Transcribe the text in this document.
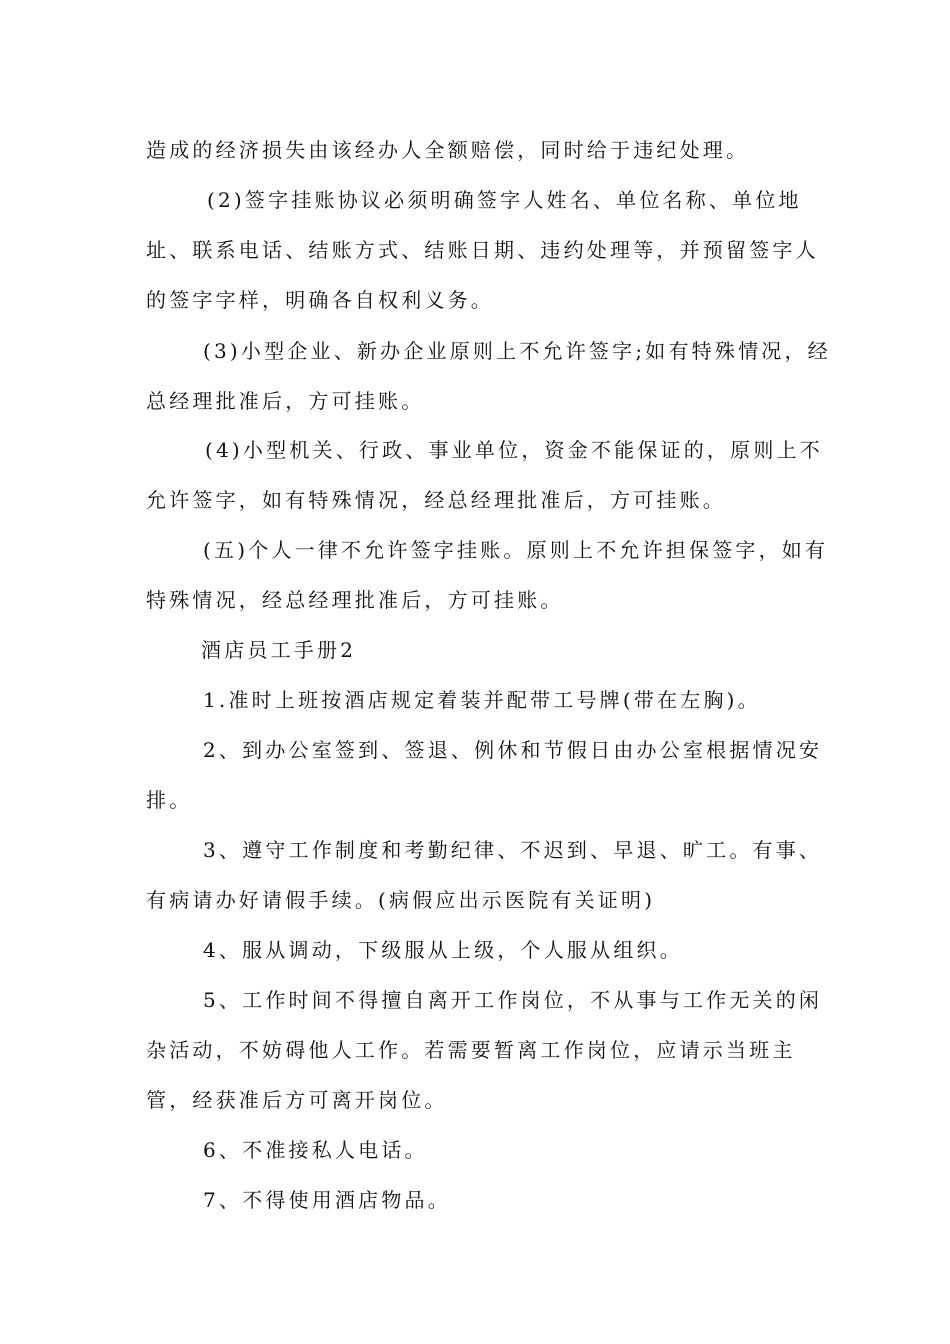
造成的经济损失由该经办人全额赔偿，同时给于违纪处理。
(2)签字挂账协议必须明确签字人姓名、单位名称、单位地
址、联系电话、结账方式、结账日期、违约处理等，并预留签字人
的签字字样，明确各自权利义务。
(3)小型企业、新办企业原则上不允许签字;如有特殊情况，经
总经理批准后，方可挂账。
(4)小型机关、行政、事业单位，资金不能保证的，原则上不
允许签字，如有特殊情况，经总经理批准后，方可挂账。
(五)个人一律不允许签字挂账。原则上不允许担保签字，如有
特殊情况，经总经理批准后，方可挂账。
酒店员工手册2
1.准时上班按酒店规定着装并配带工号牌(带在左胸)。
2、到办公室签到、签退、例休和节假日由办公室根据情况安
排。
3、遵守工作制度和考勤纪律、不迟到、早退、旷工。有事、
有病请办好请假手续。(病假应出示医院有关证明)
4、服从调动，下级服从上级，个人服从组织。
5、工作时间不得擅自离开工作岗位，不从事与工作无关的闲
杂活动，不妨碍他人工作。若需要暂离工作岗位，应请示当班主
管，经获准后方可离开岗位。
6、不准接私人电话。
7、不得使用酒店物品。
